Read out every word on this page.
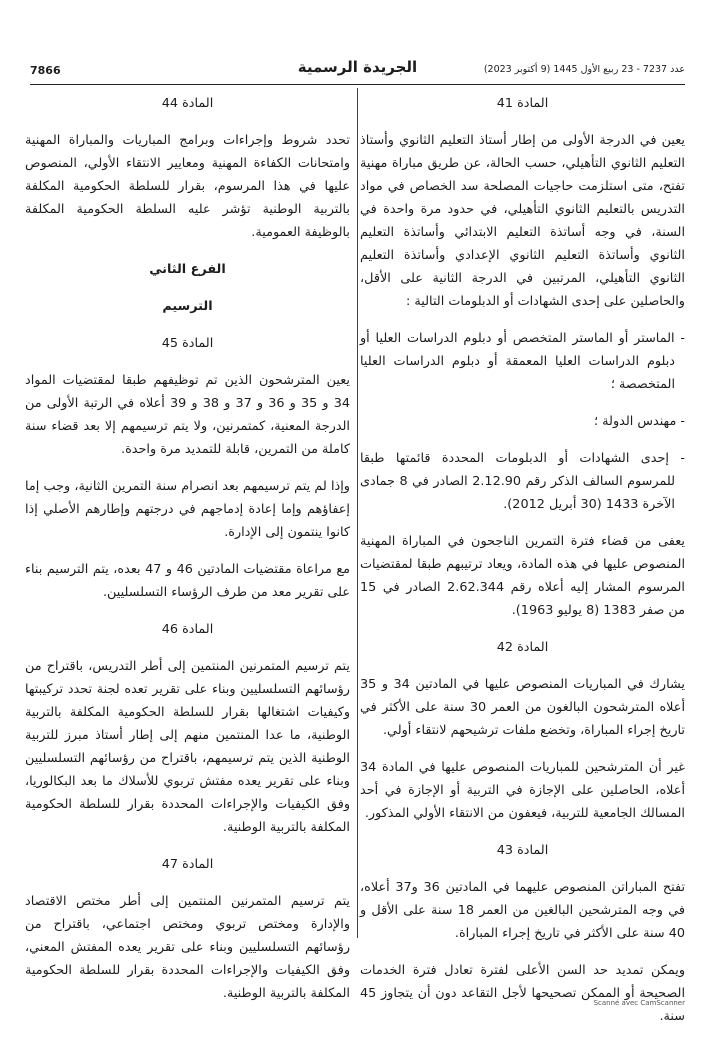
7866	الجريدة الرسمية	عدد 7237 - 23 ربيع الأول 1445 (9 أكتوبر 2023)
المادة 41

يعين في الدرجة الأولى من إطار أستاذ التعليم الثانوي وأستاذ التعليم الثانوي التأهيلي، حسب الحالة، عن طريق مباراة مهنية تفتح، متى استلزمت حاجيات المصلحة سد الخصاص في مواد التدريس بالتعليم الثانوي التأهيلي، في حدود مرة واحدة في السنة، في وجه أساتذة التعليم الابتدائي وأساتذة التعليم الثانوي وأساتذة التعليم الثانوي الإعدادي وأساتذة التعليم الثانوي التأهيلي، المرتبين في الدرجة الثانية على الأقل، والحاصلين على إحدى الشهادات أو الدبلومات التالية :

- الماستر أو الماستر المتخصص أو دبلوم الدراسات العليا أو دبلوم الدراسات العليا المعمقة أو دبلوم الدراسات العليا المتخصصة ؛

- مهندس الدولة ؛

- إحدى الشهادات أو الدبلومات المحددة قائمتها طبقا للمرسوم السالف الذكر رقم 2.12.90 الصادر في 8 جمادى الآخرة 1433 (30 أبريل 2012).

يعفى من قضاء فترة التمرين الناجحون في المباراة المهنية المنصوص عليها في هذه المادة، ويعاد ترتيبهم طبقا لمقتضيات المرسوم المشار إليه أعلاه رقم 2.62.344 الصادر في 15 من صفر 1383 (8 يوليو 1963).

المادة 42

يشارك في المباريات المنصوص عليها في المادتين 34 و 35 أعلاه المترشحون البالغون من العمر 30 سنة على الأكثر في تاريخ إجراء المباراة، وتخضع ملفات ترشيحهم لانتقاء أولي.

غير أن المترشحين للمباريات المنصوص عليها في المادة 34 أعلاه، الحاصلين على الإجازة في التربية أو الإجازة في أحد المسالك الجامعية للتربية، فيعفون من الانتقاء الأولي المذكور.

المادة 43

تفتح المباراتن المنصوص عليهما في المادتين 36 و37 أعلاه، في وجه المترشحين البالغين من العمر 18 سنة على الأقل و 40 سنة على الأكثر في تاريخ إجراء المباراة.

ويمكن تمديد حد السن الأعلى لفترة تعادل فترة الخدمات الصحيحة أو الممكن تصحيحها لأجل التقاعد دون أن يتجاوز 45 سنة.

المادة 44

تحدد شروط وإجراءات وبرامج المباريات والمباراة المهنية وامتحانات الكفاءة المهنية ومعايير الانتقاء الأولي، المنصوص عليها في هذا المرسوم، بقرار للسلطة الحكومية المكلفة بالتربية الوطنية تؤشر عليه السلطة الحكومية المكلفة بالوظيفة العمومية.

الفرع الثاني
الترسيم
المادة 45

يعين المترشحون الذين تم توظيفهم طبقا لمقتضيات المواد 34 و 35 و 36 و 37 و 38 و 39 أعلاه في الرتبة الأولى من الدرجة المعنية، كمتمرنين، ولا يتم ترسيمهم إلا بعد قضاء سنة كاملة من التمرين، قابلة للتمديد مرة واحدة.

وإذا لم يتم ترسيمهم بعد انصرام سنة التمرين الثانية، وجب إما إعفاؤهم وإما إعادة إدماجهم في درجتهم وإطارهم الأصلي إذا كانوا ينتمون إلى الإدارة.

مع مراعاة مقتضيات المادتين 46 و 47 بعده، يتم الترسيم بناء على تقرير معد من طرف الرؤساء التسلسليين.

المادة 46

يتم ترسيم المتمرنين المنتمين إلى أطر التدريس، باقتراح من رؤسائهم التسلسليين وبناء على تقرير تعده لجنة تحدد تركيبتها وكيفيات اشتغالها بقرار للسلطة الحكومية المكلفة بالتربية الوطنية، ما عدا المنتمين منهم إلى إطار أستاذ مبرز للتربية الوطنية الذين يتم ترسيمهم، باقتراح من رؤسائهم التسلسليين وبناء على تقرير يعده مفتش تربوي للأسلاك ما بعد البكالوريا، وفق الكيفيات والإجراءات المحددة بقرار للسلطة الحكومية المكلفة بالتربية الوطنية.

المادة 47

يتم ترسيم المتمرنين المنتمين إلى أطر مختص الاقتصاد والإدارة ومختص تربوي ومختص اجتماعي، باقتراح من رؤسائهم التسلسليين وبناء على تقرير يعده المفتش المعني، وفق الكيفيات والإجراءات المحددة بقرار للسلطة الحكومية المكلفة بالتربية الوطنية.

Scanné avec CamScanner
